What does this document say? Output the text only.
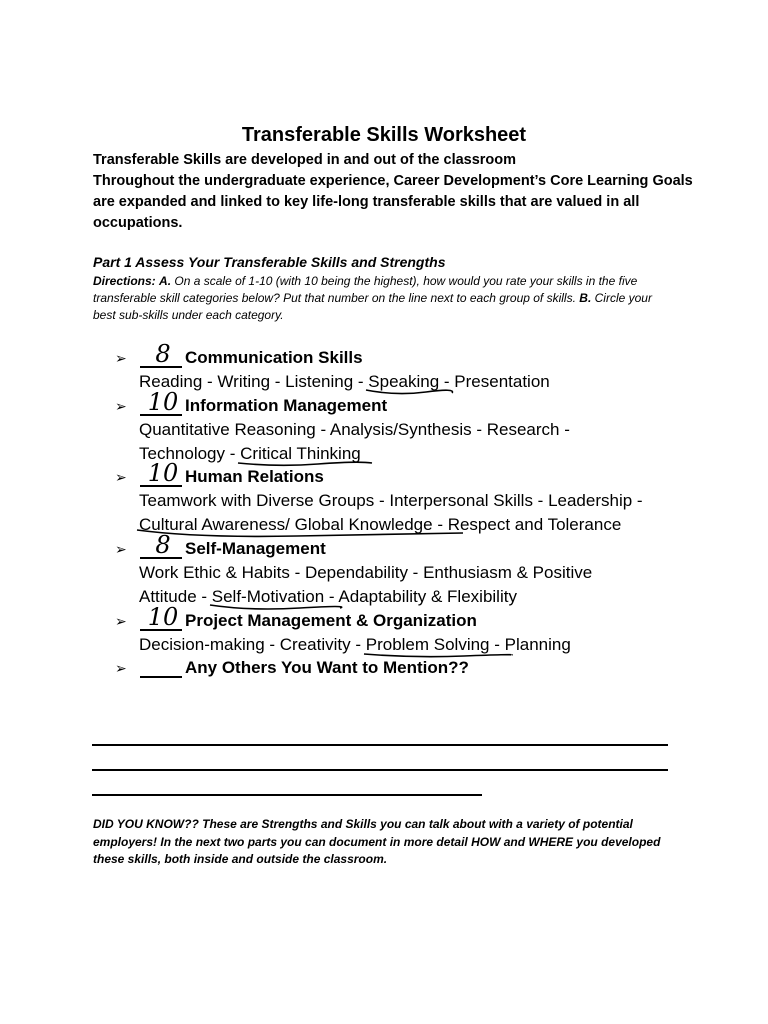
Transferable Skills Worksheet
Transferable Skills are developed in and out of the classroom
Throughout the undergraduate experience, Career Development’s Core Learning Goals are expanded and linked to key life-long transferable skills that are valued in all occupations.
Part 1 Assess Your Transferable Skills and Strengths
Directions: A. On a scale of 1-10 (with 10 being the highest), how would you rate your skills in the five transferable skill categories below? Put that number on the line next to each group of skills. B. Circle your best sub-skills under each category.
➢	8 Communication Skills
Reading - Writing - Listening - Speaking -
Presentation
➢ 10 Information Management
Quantitative Reasoning - Analysis/Synthesis - Research - Technology - Critical Thinking
➢ 10 Human Relations
Teamwork with Diverse Groups - Interpersonal Skills - Leadership - Cultural Awareness/ Global Knowledge
- Respect and Tolerance
➢	8 Self-Management
Work Ethic & Habits - Dependability - Enthusiasm & Positive Attitude - Self-Motivation
- Adaptability & Flexibility
➢ 10 Project Management & Organization
Decision-making - Creativity - Problem Solving -
Planning
➢	Any Others You Want to Mention??
DID YOU KNOW?? These are Strengths and Skills you can talk about with a variety of potential employers! In the next two parts you can document in more detail HOW and WHERE you developed these skills, both inside and outside the classroom.
